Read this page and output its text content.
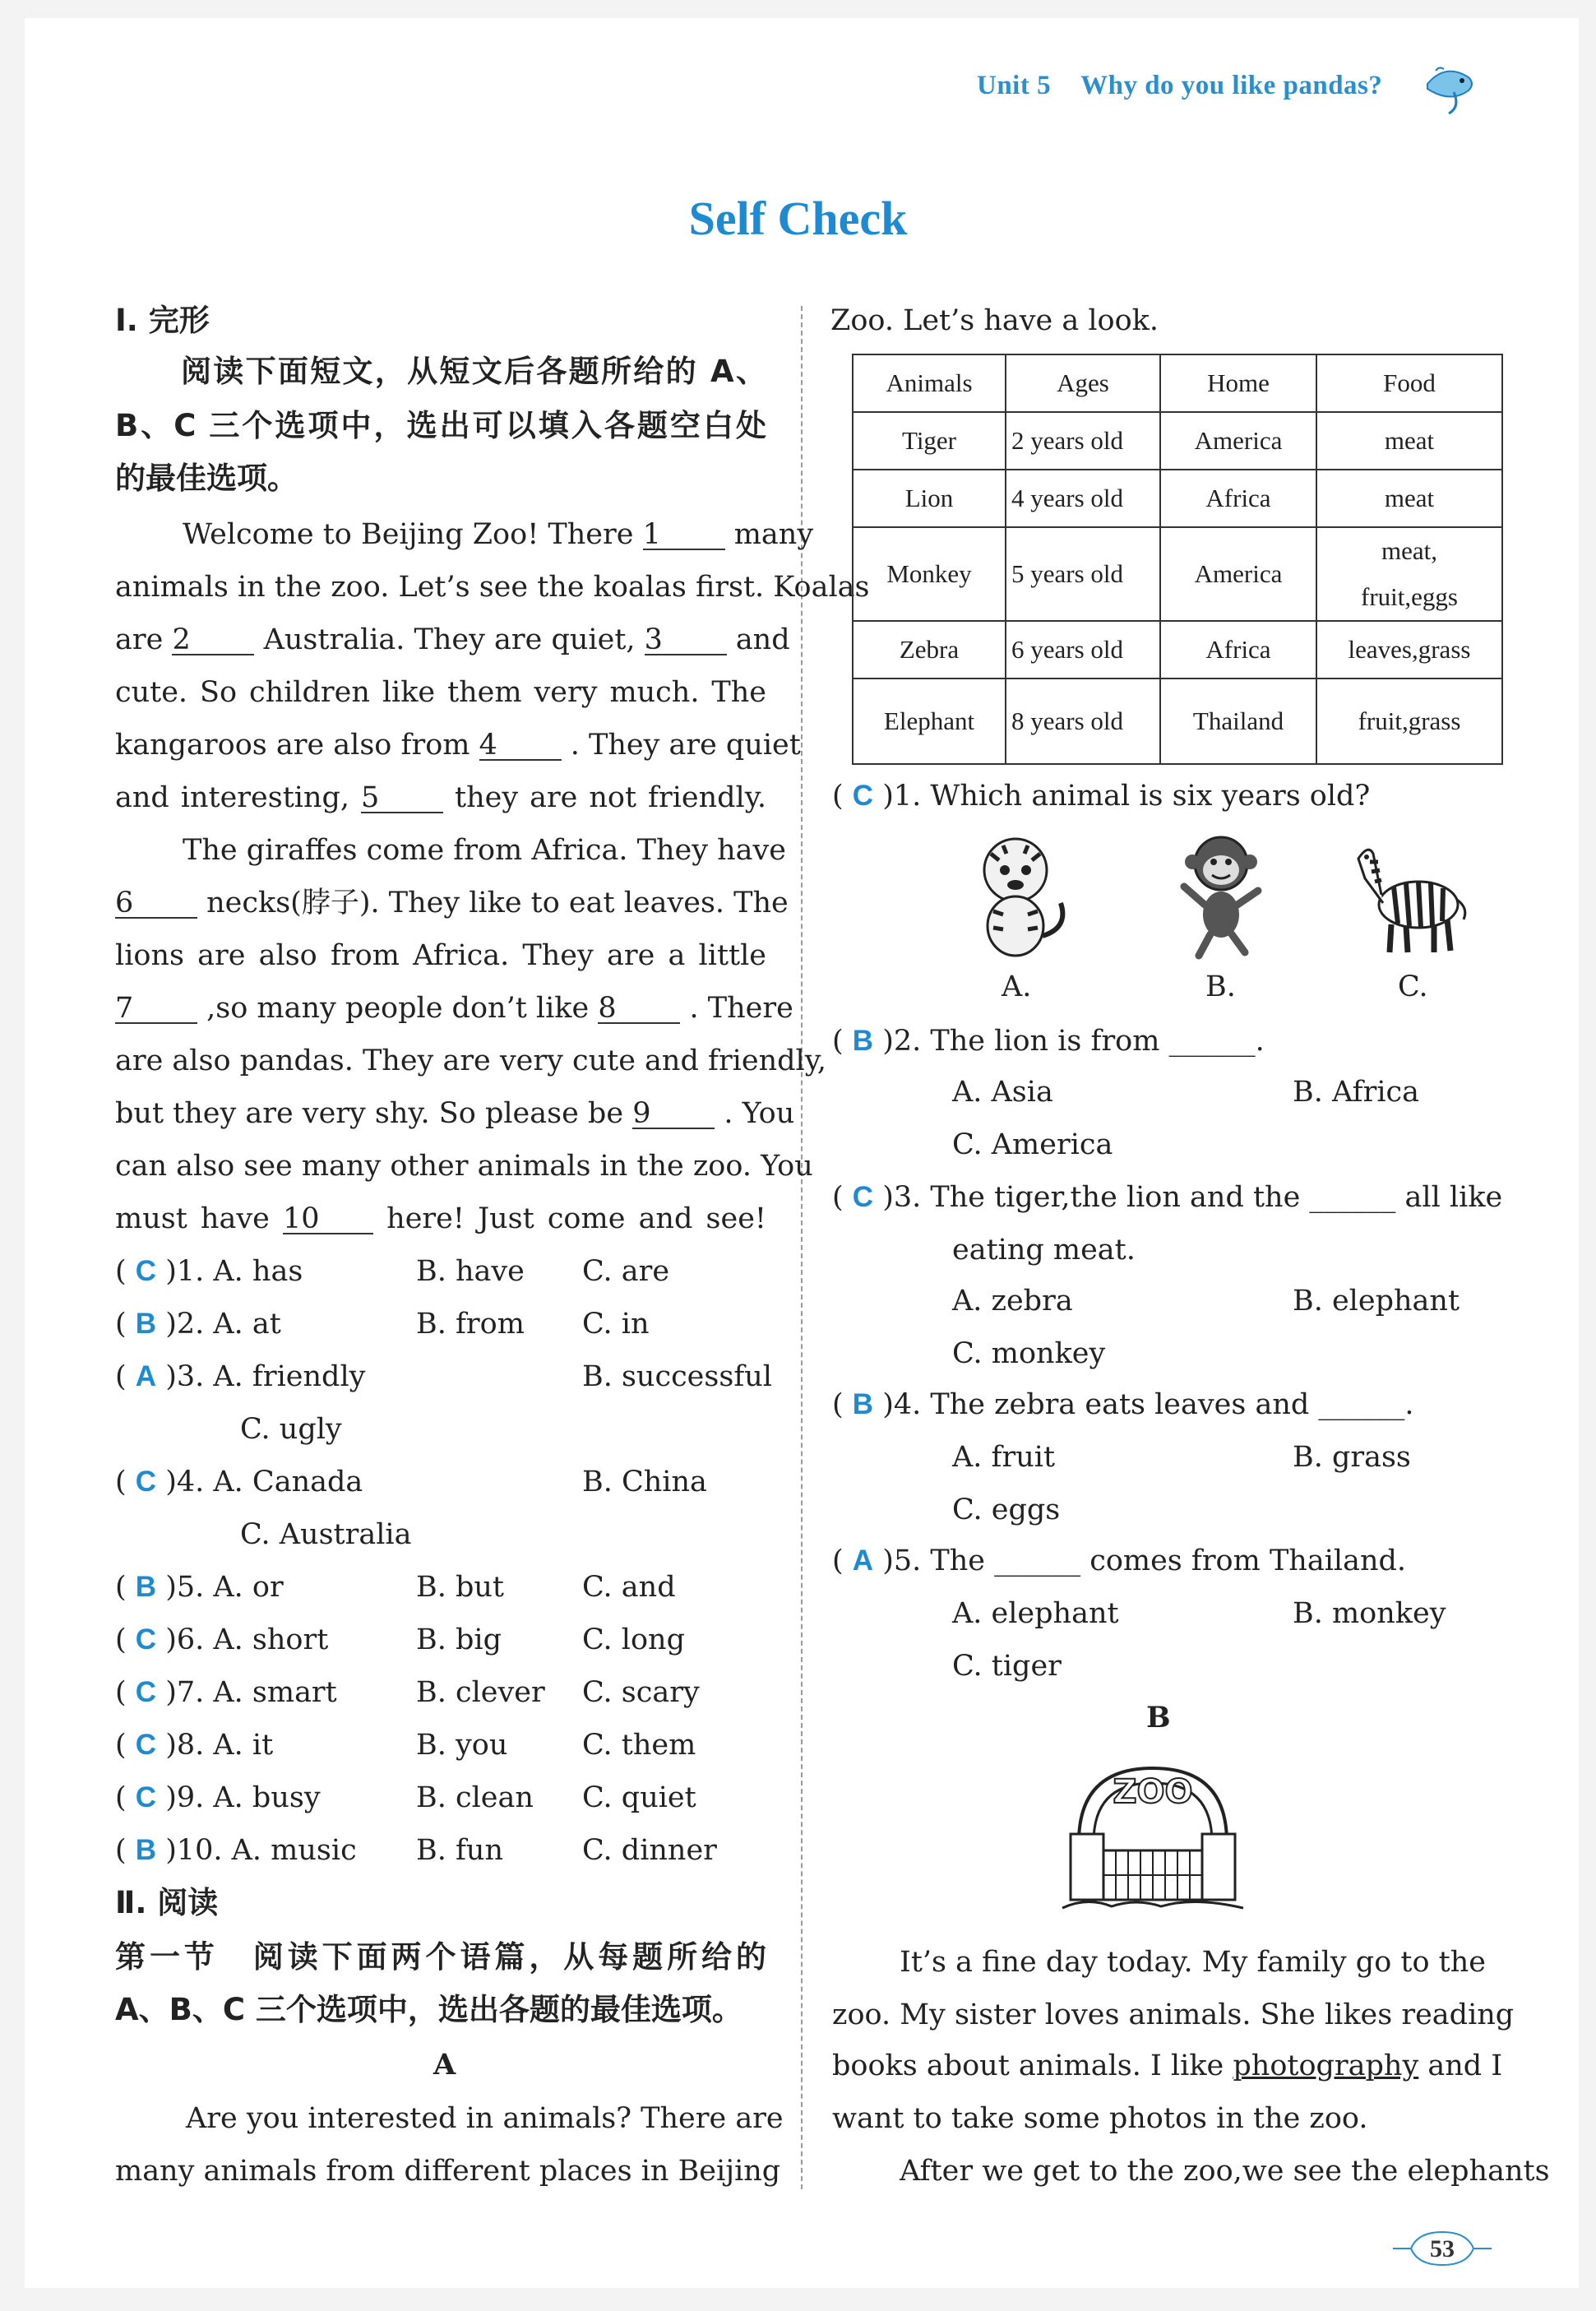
Unit 5 Why do you like pandas?
Self Check
Ⅰ. 完形
阅读下面短文，从短文后各题所给的 A、
B、C 三个选项中，选出可以填入各题空白处
的最佳选项。
Welcome to Beijing Zoo! There 1	many
animals in the zoo. Let’s see the koalas first. Koalas
are 2	Australia. They are quiet, 3	and
cute. So children like them very much. The
kangaroos are also from 4	. They are quiet
and interesting, 5	they are not friendly.
The giraffes come from Africa. They have
6	necks(脖子). They like to eat leaves. The
lions are also from Africa. They are a little
7	,so many people don’t like 8	. There
are also pandas. They are very cute and friendly,
but they are very shy. So please be 9	. You
can also see many other animals in the zoo. You
must have 10 here! Just come and see!
( C )1. A. has	B. have C. are
( B )2. A. at	B. from C. in
( A )3. A. friendly	B. successful
C. ugly
( C )4. A. Canada	B. China
C. Australia
( B )5. A. or	B. but	C. and
( C )6. A. short	B. big	C. long
( C )7. A. smart	B. clever C. scary
( C )8. A. it	B. you	C. them
( C )9. A. busy	B. clean C. quiet
( B )10. A. music B. fun	C. dinner
Ⅱ. 阅读
第一节　阅读下面两个语篇，从每题所给的
A、B、C 三个选项中，选出各题的最佳选项。
A
Are you interested in animals? There are
many animals from different places in Beijing
Zoo. Let’s have a look.
( C )1. Which animal is six years old?
A.	B.	C.
( B )2. The lion is from ______.
A. Asia	B. Africa
C. America
( C )3. The tiger,the lion and the ______ all like
eating meat.
A. zebra	B. elephant
C. monkey
( B )4. The zebra eats leaves and ______.
A. fruit	B. grass
C. eggs
( A )5. The ______ comes from Thailand.
A. elephant	B. monkey
C. tiger
B
ZOO
It’s a fine day today. My family go to the
zoo. My sister loves animals. She likes reading
books about animals. I like photography and I
want to take some photos in the zoo.
After we get to the zoo,we see the elephants
Animals	Ages	Home	Food
Tiger	2 years old	America	meat
Lion	4 years old	Africa	meat
Monkey	5 years old	America	meat,
fruit,eggs
Zebra	6 years old	Africa	leaves,grass
Elephant	8 years old	Thailand	fruit,grass
53
